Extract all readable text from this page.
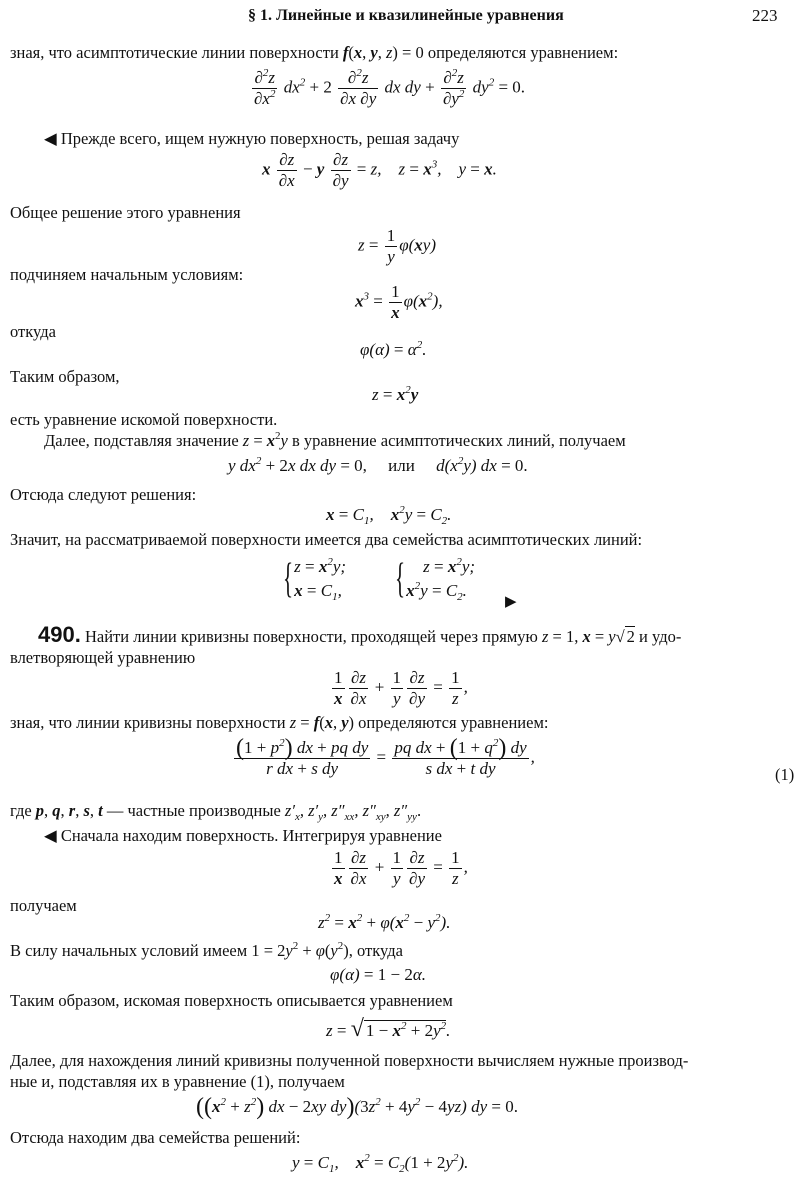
§ 1. Линейные и квазилинейные уравнения	223
зная, что асимптотические линии поверхности f(x, y, z) = 0 определяются уравнением:
$\frac{\partial^2z}{\partial x^2} dx^2 + 2 \frac{\partial^2z}{\partial x \partial y}$ dx dy + $\frac{\partial^2z}{\partial y^2} dy^2 = 0$.
◀ Прежде всего, ищем нужную поверхность, решая задачу
x $\frac{\partial z}{\partial x} - y \frac{\partial z}{\partial y} = z$,    $z = x^3$,    y = x.
Общее решение этого уравнения
$z = \frac{1}{y} \varphi(xy)$
подчиняем начальным условиям:
$x^3 = \frac{1}{x} \varphi(x^2)$,
откуда
$\varphi(\alpha) = \alpha^2$.
Таким образом,
$z = x^2y$
есть уравнение искомой поверхности.
Далее, подставляя значение $z = x^2y$ в уравнение асимптотических линий, получаем
y $dx^2 + 2x$ dx dy = 0, или     $d(x^2y)$ dx = 0.
Отсюда следуют решения:
$x = C_1$,    $x^2y = C_2$.
Значит, на рассматриваемой поверхности имеется два семейства асимптотических линий:
{$z = x^2y$;
$x = C_1$, {    $z = x^2y$;
$x^2y = C_2$.
▶
490. Найти линии кривизны поверхности, проходящей через прямую z = 1, x = y√ 2 и удо-
влетворяющей уравнению
$\frac{1}{x} \frac{\partial z}{\partial x} + \frac{1}{y} \frac{\partial z}{\partial y} = \frac{1}{z}$ ,
зная, что линии кривизны поверхности z = f(x, y) определяются уравнением:
$\frac{(1 + p^2) dx + pq dy}{\text{r dx + s dy}} = \frac{pq dx + (1 + q^2) dy}{\text{s dx + t dy}}$ ,
(1)
где p, q, r, s, t — частные производные $z'_x$, $z'_y$, $z''_{xx}$, $z''_{xy}$, $z''_{yy}$.
◀ Сначала находим поверхность. Интегрируя уравнение
$\frac{1}{x} \frac{\partial z}{\partial x} + \frac{1}{y} \frac{\partial z}{\partial y} = \frac{1}{z}$ ,
получаем
$z^2 = x^2 + \varphi(x^2 - y^2)$.
В силу начальных условий имеем $1 = 2y^2 + \varphi(y^2)$, откуда
φ(α) = 1 − 2α.
Таким образом, искомая поверхность описывается уравнением
z = √ $1 - x^2 + 2y^2$.
Далее, для нахождения линий кривизны полученной поверхности вычисляем нужные производ-
ные и, подставляя их в уравнение (1), получаем
($(x^2 + z^2)$ dx − 2xy $dy)(3z^2 + 4y^2 - 4yz)$ dy = 0.
Отсюда находим два семейства решений:
$y = C_1$,    $x^2 = C_2(1 + 2y^2)$.
